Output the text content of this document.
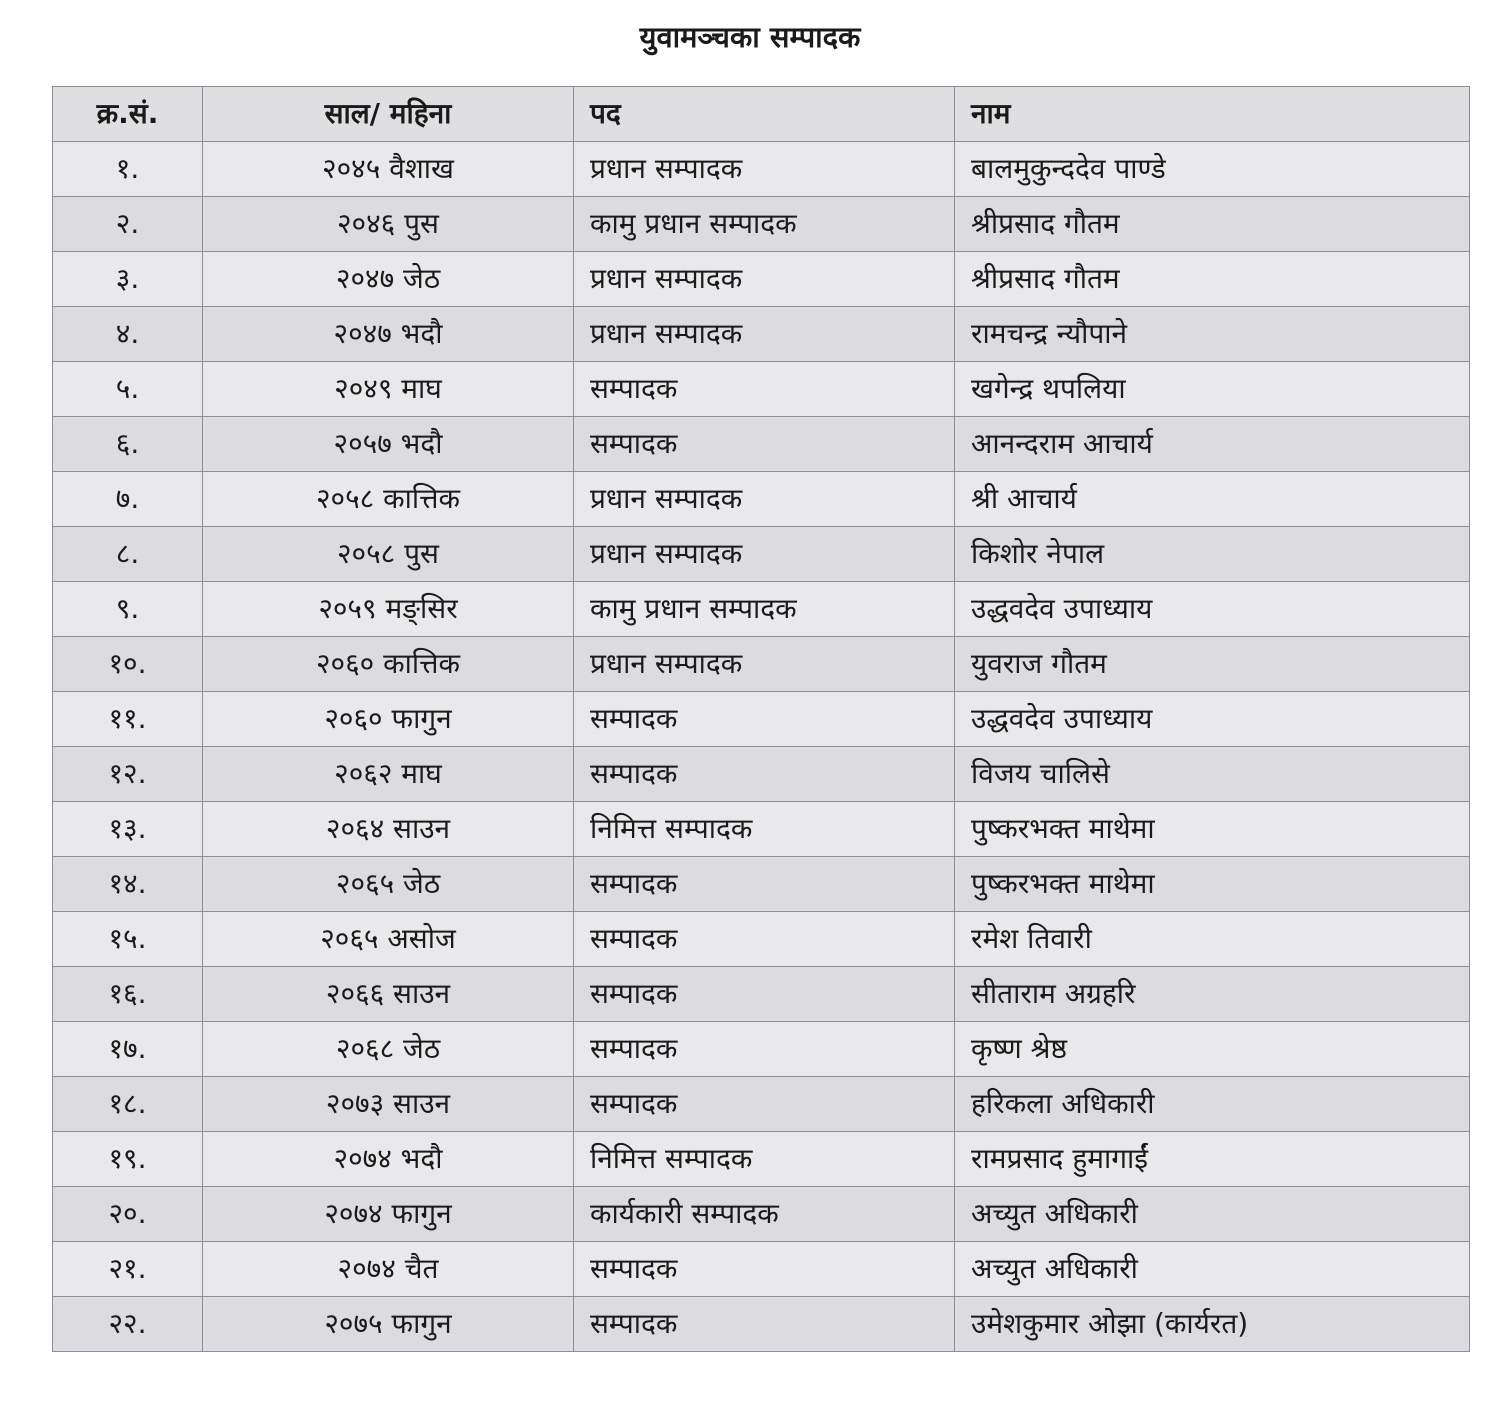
युवामञ्चका सम्पादक
क्र.सं.	साल/ महिना	पद	नाम
१.	२०४५ वैशाख	प्रधान सम्पादक	बालमुकुन्ददेव पाण्डे
२.	२०४६ पुस	कामु प्रधान सम्पादक	श्रीप्रसाद गौतम
३.	२०४७ जेठ	प्रधान सम्पादक	श्रीप्रसाद गौतम
४.	२०४७ भदौ	प्रधान सम्पादक	रामचन्द्र न्यौपाने
५.	२०४९ माघ	सम्पादक	खगेन्द्र थपलिया
६.	२०५७ भदौ	सम्पादक	आनन्दराम आचार्य
७.	२०५८ कात्तिक	प्रधान सम्पादक	श्री आचार्य
८.	२०५८ पुस	प्रधान सम्पादक	किशोर नेपाल
९.	२०५९ मङ्सिर	कामु प्रधान सम्पादक	उद्धवदेव उपाध्याय
१०.	२०६० कात्तिक	प्रधान सम्पादक	युवराज गौतम
११.	२०६० फागुन	सम्पादक	उद्धवदेव उपाध्याय
१२.	२०६२ माघ	सम्पादक	विजय चालिसे
१३.	२०६४ साउन	निमित्त सम्पादक	पुष्करभक्त माथेमा
१४.	२०६५ जेठ	सम्पादक	पुष्करभक्त माथेमा
१५.	२०६५ असोज	सम्पादक	रमेश तिवारी
१६.	२०६६ साउन	सम्पादक	सीताराम अग्रहरि
१७.	२०६८ जेठ	सम्पादक	कृष्ण श्रेष्ठ
१८.	२०७३ साउन	सम्पादक	हरिकला अधिकारी
१९.	२०७४ भदौ	निमित्त सम्पादक	रामप्रसाद हुमागाईं
२०.	२०७४ फागुन	कार्यकारी सम्पादक	अच्युत अधिकारी
२१.	२०७४ चैत	सम्पादक	अच्युत अधिकारी
२२.	२०७५ फागुन	सम्पादक	उमेशकुमार ओझा (कार्यरत)
